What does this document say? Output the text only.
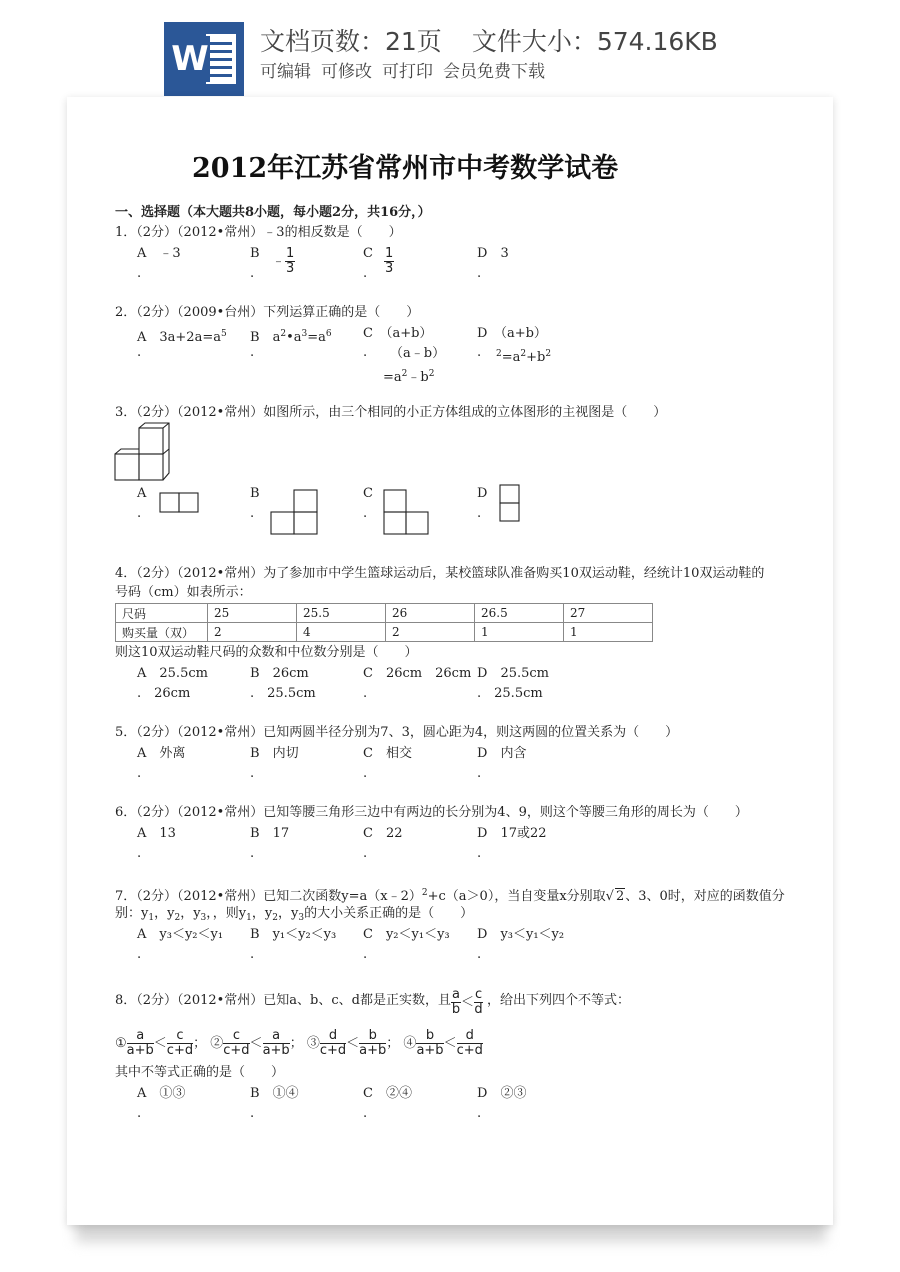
W 文档页数：21页 文件大小：574.16KB
可编辑 可修改 可打印 会员免费下载
2012年江苏省常州市中考数学试卷
一、选择题（本大题共8小题，每小题2分，共16分，）
1．（2分）（2012•常州）﹣3的相反数是（　　）
A　 ﹣3	B
﹣ $\frac{1}{3}$	C $\frac{1}{3}$	D　 3
.	.	.	.
2．（2分）（2009•台州）下列运算正确的是（　　）
A　$3a+2a=a^5$ B　$a^2•a^3=a^6$ C　（a+b）
（a﹣b）
$=a^2﹣b^2$
D　（a+b）
$^2=a^2+b^2$
.	.	.	.
3．（2分）（2012•常州）如图所示，由三个相同的小正方体组成的立体图形的主视图是（　　）
A	B	C	D
.	.	.	.
4．（2分）（2012•常州）为了参加市中学生篮球运动后，某校篮球队准备购买10双运动鞋，经统计10双运动鞋的
号码（cm）如表所示：
尺码	25	25.5	26	26.5	27
购买量（双）	2	4	2	1	1
则这10双运动鞋尺码的众数和中位数分别是（　　）
A　25.5cm	B　26cm	C　26cm　 26cm D　25.5cm
.　26cm	.　25.5cm	.	.　25.5cm
5．（2分）（2012•常州）已知两圆半径分别为7、3，圆心距为4，则这两圆的位置关系为（　　）
A　外离	B　内切	C　相交	D　内含
.	.	.	.
6．（2分）（2012•常州）已知等腰三角形三边中有两边的长分别为4、9，则这个等腰三角形的周长为（　　）
A　13	B　17	C　22	D　17或22
.	.	.	.
7．（2分）（2012•常州）已知二次函数y=a（x﹣2）$^2$+c（a＞0），当自变量x分别取√ 2、3、0时，对应的函数值分
别：$y_1$，$y_2$，$y_3$，，则$y_1$，$y_2$，$y_3$的大小关系正确的是（　　）
A　y₃＜y₂＜y₁ B　y₁＜y₂＜y₃ C　y₂＜y₁＜y₃ D　y₃＜y₁＜y₂
.	.	.	.
8．（2分）（2012•常州）已知a、b、c、d都是正实数，且 $\frac{a}{b} < \frac{c}{d}$ ，给出下列四个不等式：
① $\frac{a}{a+b} < \frac{c}{c+d}$ ； ② $\frac{c}{c+d} < \frac{a}{a+b}$ ； ③ $\frac{d}{c+d} < \frac{b}{a+b}$ ； ④ $\frac{b}{a+b} < \frac{d}{c+d}$
其中不等式正确的是（　　）
A　①③	B　①④	C　②④	D　②③
.	.	.	.
